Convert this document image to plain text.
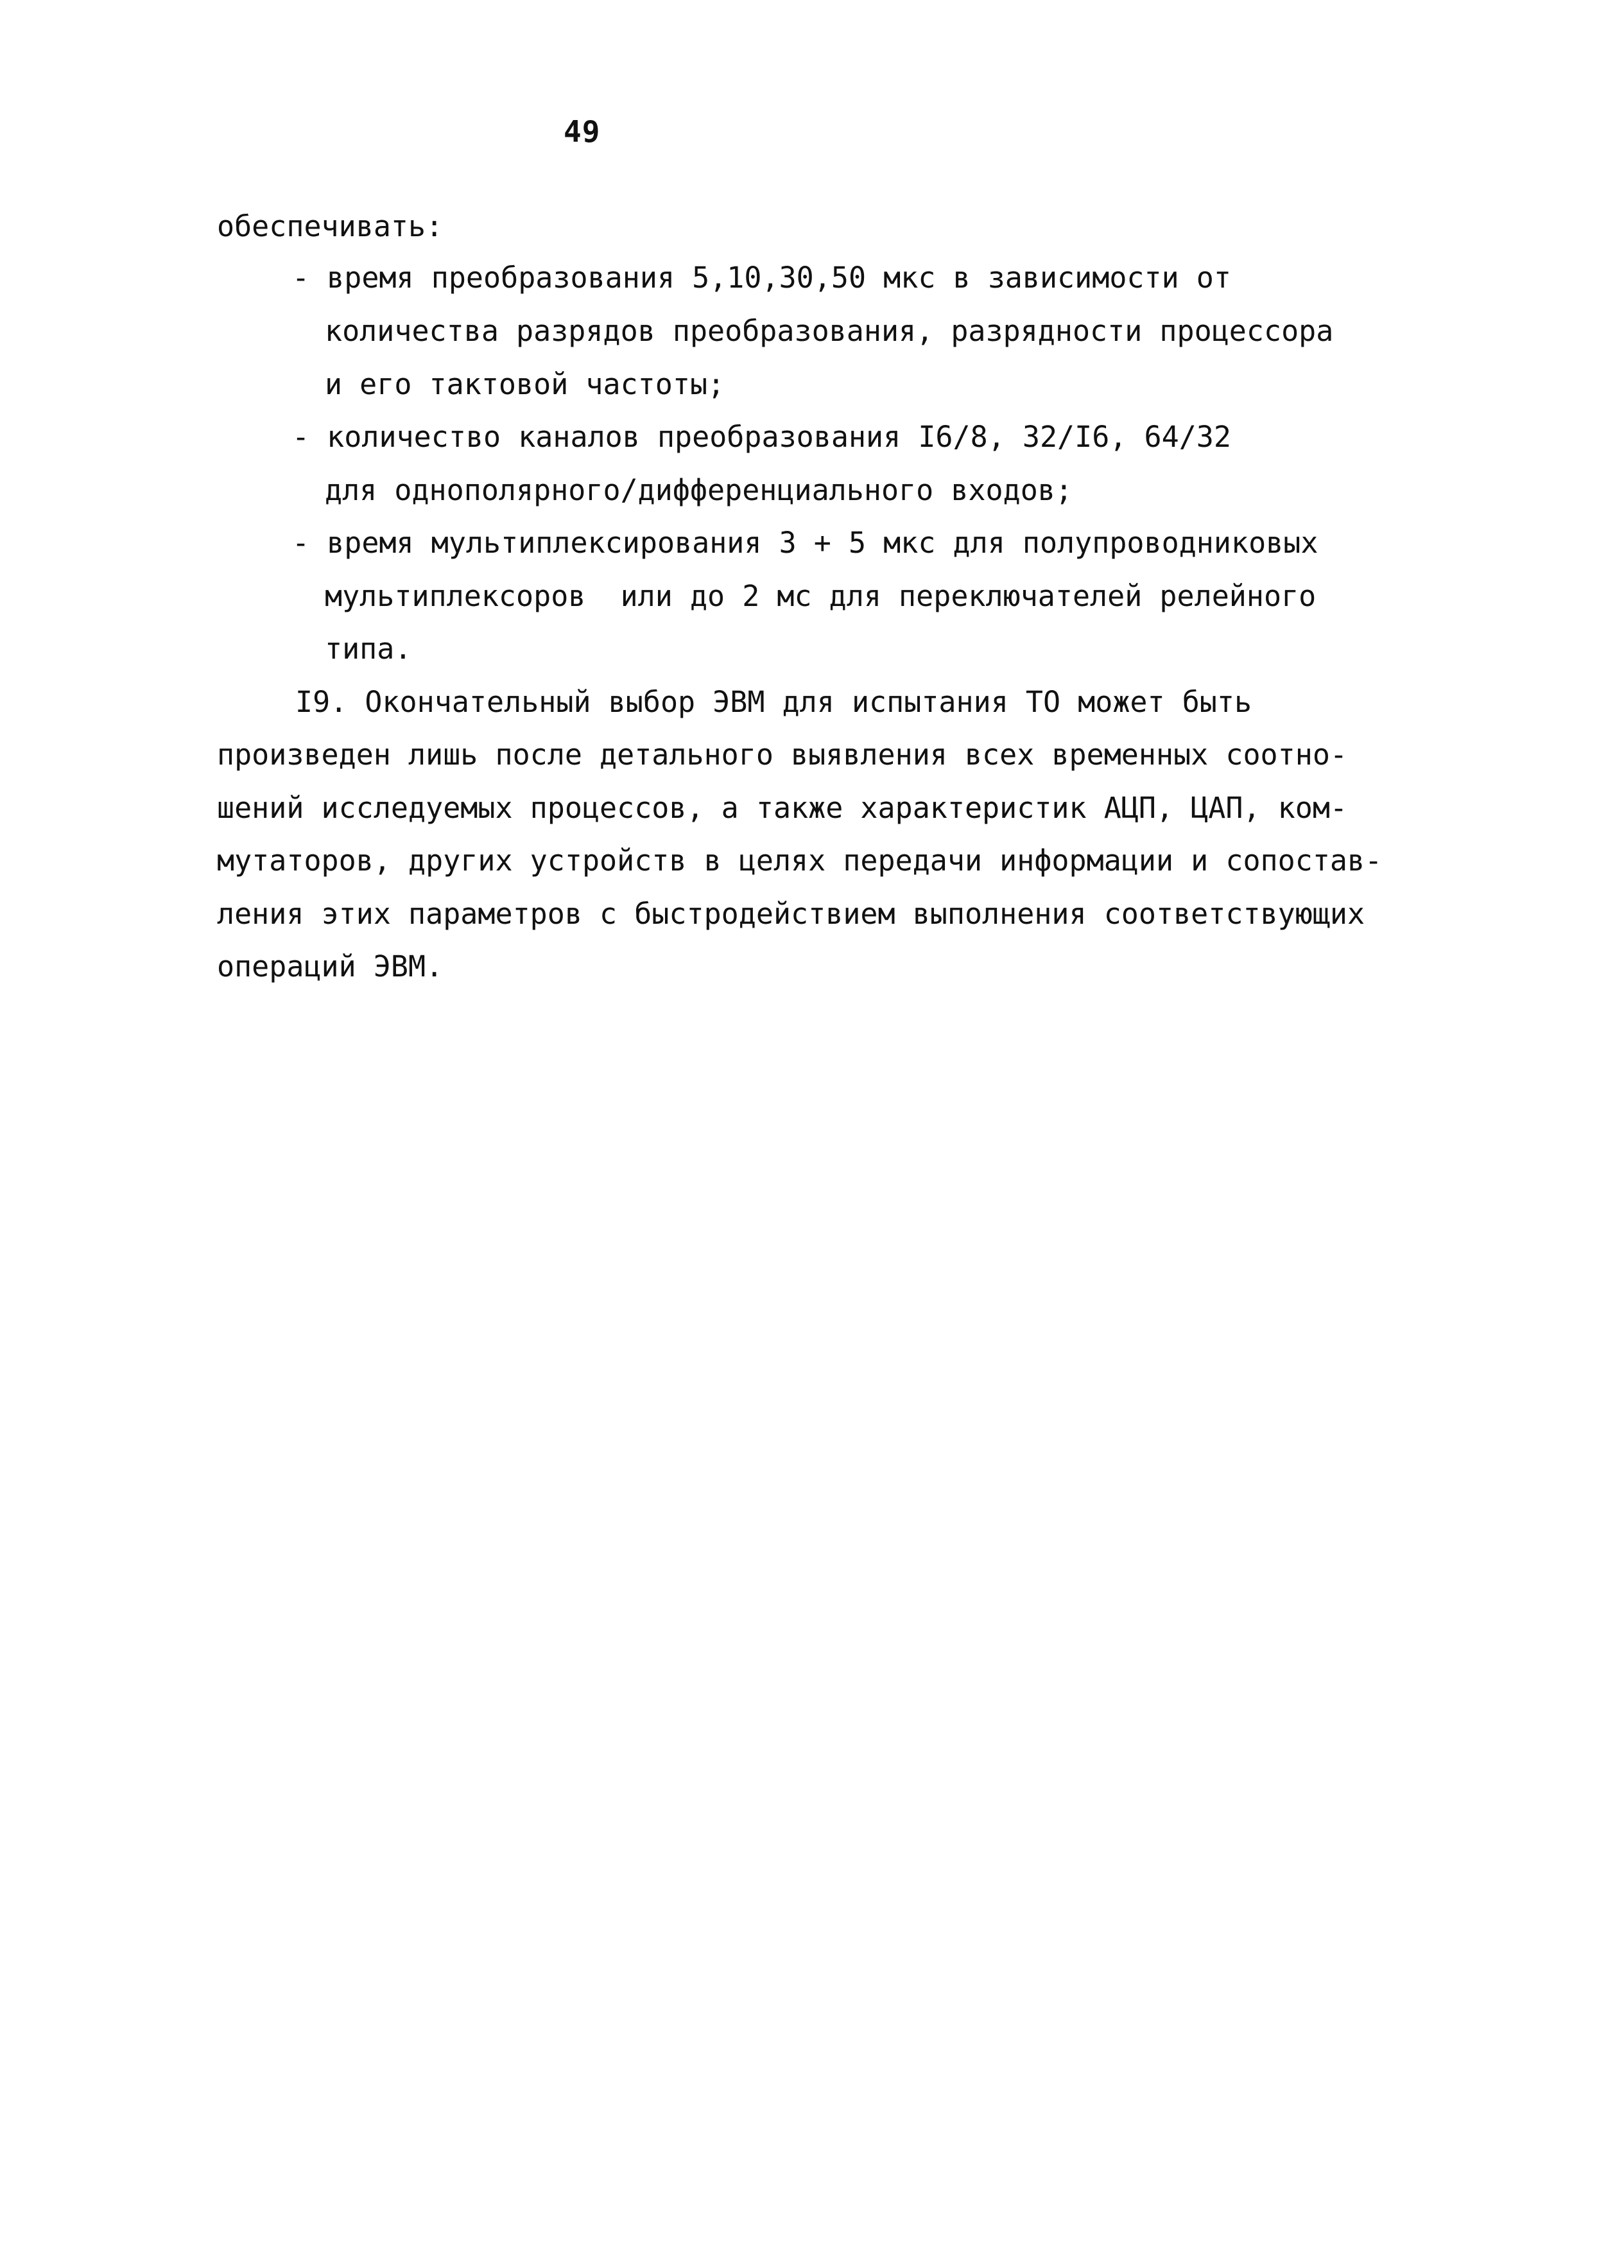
49
обеспечивать:
- время преобразования 5,10,30,50 мкс в зависимости от
количества разрядов преобразования, разрядности процессора
и его тактовой частоты;
- количество каналов преобразования I6/8, 32/I6, 64/32
для однополярного/дифференциального входов;
- время мультиплексирования 3 + 5 мкс для полупроводниковых
мультиплексоров  или до 2 мс для переключателей релейного
типа.
I9. Окончательный выбор ЭВМ для испытания ТО может быть
произведен лишь после детального выявления всех временных соотно-
шений исследуемых процессов, а также характеристик АЦП, ЦАП, ком-
мутаторов, других устройств в целях передачи информации и сопостав-
ления этих параметров с быстродействием выполнения соответствующих
операций ЭВМ.
